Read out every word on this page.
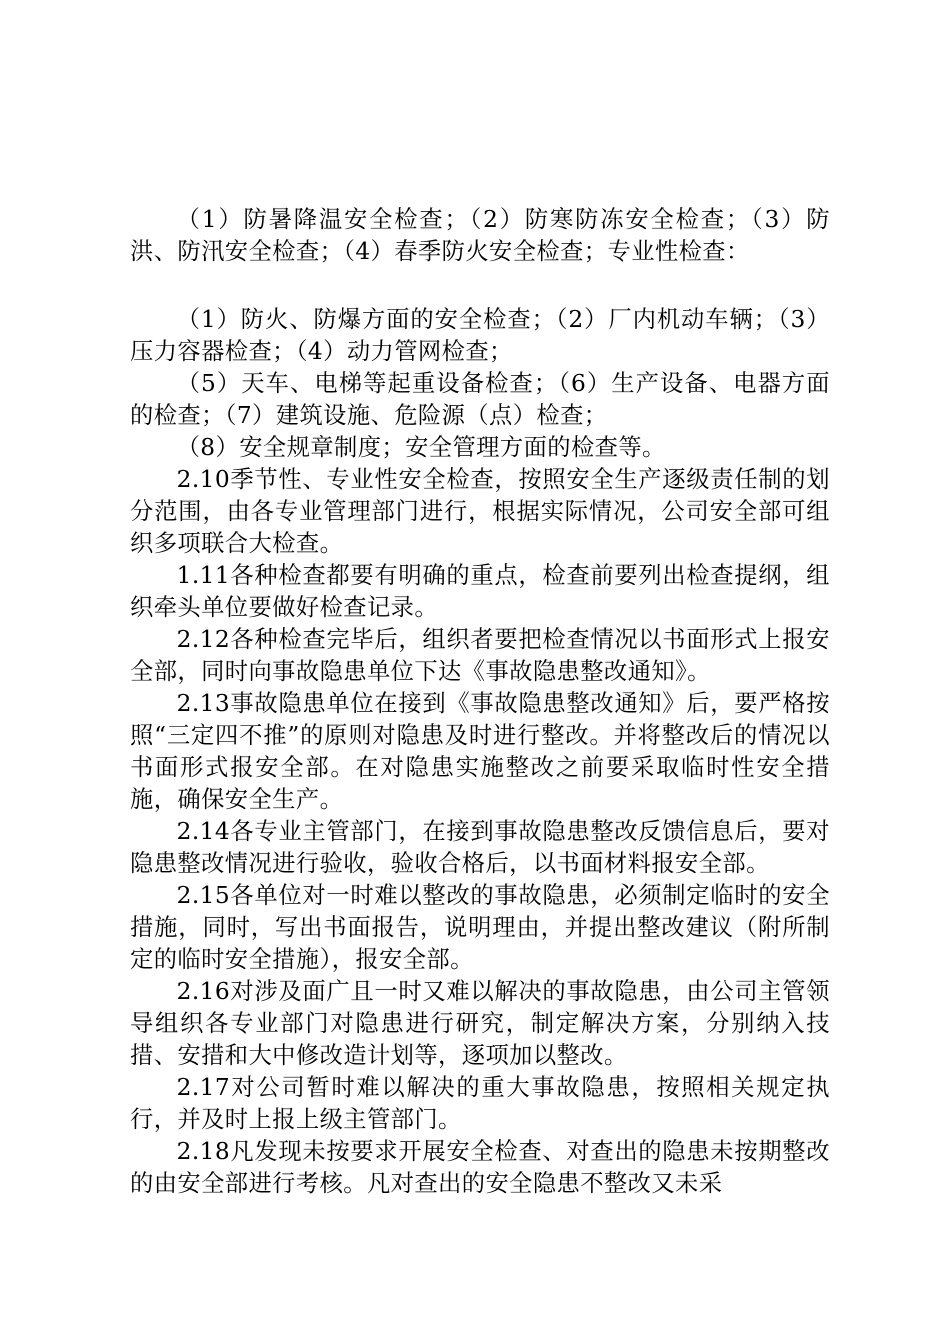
（1）防暑降温安全检查；（2）防寒防冻安全检查；（3）防洪、防汛安全检查；（4）春季防火安全检查；专业性检查：

（1）防火、防爆方面的安全检查；（2）厂内机动车辆；（3）压力容器检查；（4）动力管网检查；

（5）天车、电梯等起重设备检查；（6）生产设备、电器方面的检查；（7）建筑设施、危险源（点）检查；

（8）安全规章制度；安全管理方面的检查等。

2.10季节性、专业性安全检查，按照安全生产逐级责任制的划分范围，由各专业管理部门进行，根据实际情况，公司安全部可组织多项联合大检查。

1.11各种检查都要有明确的重点，检查前要列出检查提纲，组织牵头单位要做好检查记录。

2.12各种检查完毕后，组织者要把检查情况以书面形式上报安全部，同时向事故隐患单位下达《事故隐患整改通知》。

2.13事故隐患单位在接到《事故隐患整改通知》后，要严格按照“三定四不推”的原则对隐患及时进行整改。并将整改后的情况以书面形式报安全部。在对隐患实施整改之前要采取临时性安全措施，确保安全生产。

2.14各专业主管部门，在接到事故隐患整改反馈信息后，要对隐患整改情况进行验收，验收合格后，以书面材料报安全部。

2.15各单位对一时难以整改的事故隐患，必须制定临时的安全措施，同时，写出书面报告，说明理由，并提出整改建议（附所制定的临时安全措施），报安全部。

2.16对涉及面广且一时又难以解决的事故隐患，由公司主管领导组织各专业部门对隐患进行研究，制定解决方案，分别纳入技措、安措和大中修改造计划等，逐项加以整改。

2.17对公司暂时难以解决的重大事故隐患，按照相关规定执行，并及时上报上级主管部门。

2.18凡发现未按要求开展安全检查、对查出的隐患未按期整改的由安全部进行考核。凡对查出的安全隐患不整改又未采
